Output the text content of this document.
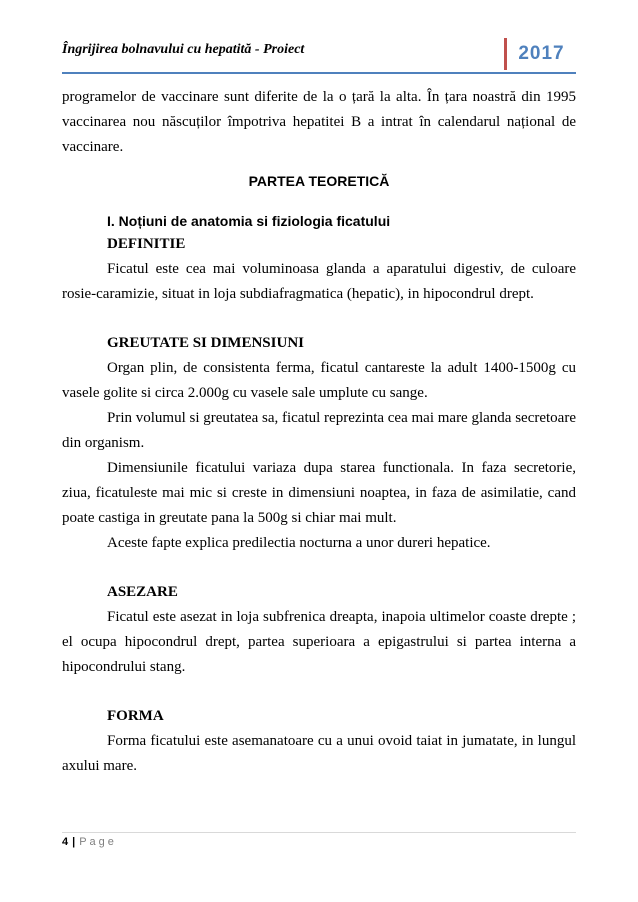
Îngrijirea bolnavului cu hepatită - Proiect	2017

programelor de vaccinare sunt diferite de la o țară la alta. În țara noastră din 1995 vaccinarea nou născuților împotriva hepatitei B a intrat în calendarul național de vaccinare.

PARTEA TEORETICĂ
I. Noțiuni de anatomia si fiziologia ficatului

DEFINITIE

Ficatul este cea mai voluminoasa glanda a aparatului digestiv, de culoare rosie-caramizie, situat in loja subdiafragmatica (hepatic), in hipocondrul drept.

GREUTATE SI DIMENSIUNI

Organ plin, de consistenta ferma, ficatul cantareste la adult 1400-1500g cu vasele golite si circa 2.000g cu vasele sale umplute cu sange.

Prin volumul si greutatea sa, ficatul reprezinta cea mai mare glanda secretoare din organism.

Dimensiunile ficatului variaza dupa starea functionala. In faza secretorie, ziua, ficatuleste mai mic si creste in dimensiuni noaptea, in faza de asimilatie, cand poate castiga in greutate pana la 500g si chiar mai mult.

Aceste fapte explica predilectia nocturna a unor dureri hepatice.

ASEZARE

Ficatul este asezat in loja subfrenica dreapta, inapoia ultimelor coaste drepte ; el ocupa hipocondrul drept, partea superioara a epigastrului si partea interna a hipocondrului stang.

FORMA

Forma ficatului este asemanatoare cu a unui ovoid taiat in jumatate, in lungul axului mare.

4 | Page
